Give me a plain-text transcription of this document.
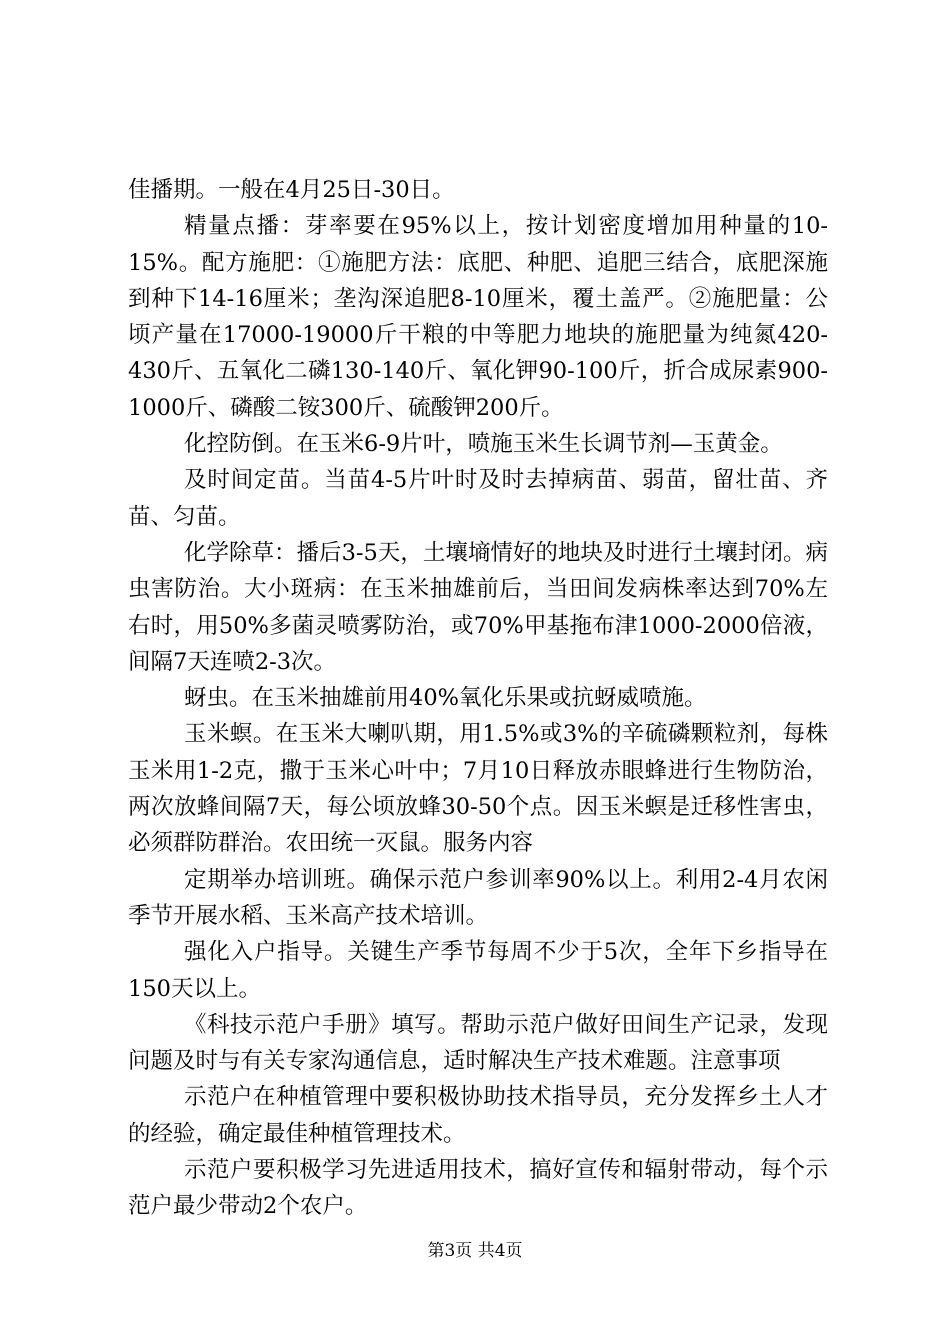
佳播期。一般在4月25日-30日。

精量点播：芽率要在95%以上，按计划密度增加用种量的10-15%。配方施肥：①施肥方法：底肥、种肥、追肥三结合，底肥深施到种下14-16厘米；垄沟深追肥8-10厘米，覆土盖严。②施肥量：公顷产量在17000-19000斤干粮的中等肥力地块的施肥量为纯氮420-430斤、五氧化二磷130-140斤、氧化钾90-100斤，折合成尿素900-1000斤、磷酸二铵300斤、硫酸钾200斤。

化控防倒。在玉米6-9片叶，喷施玉米生长调节剂—玉黄金。

及时间定苗。当苗4-5片叶时及时去掉病苗、弱苗，留壮苗、齐苗、匀苗。

化学除草：播后3-5天，土壤墒情好的地块及时进行土壤封闭。病虫害防治。大小斑病：在玉米抽雄前后，当田间发病株率达到70%左右时，用50%多菌灵喷雾防治，或70%甲基拖布津1000-2000倍液，间隔7天连喷2-3次。

蚜虫。在玉米抽雄前用40%氧化乐果或抗蚜威喷施。

玉米螟。在玉米大喇叭期，用1.5%或3%的辛硫磷颗粒剂，每株玉米用1-2克，撒于玉米心叶中；7月10日释放赤眼蜂进行生物防治，两次放蜂间隔7天，每公顷放蜂30-50个点。因玉米螟是迁移性害虫，必须群防群治。农田统一灭鼠。服务内容

定期举办培训班。确保示范户参训率90%以上。利用2-4月农闲季节开展水稻、玉米高产技术培训。

强化入户指导。关键生产季节每周不少于5次，全年下乡指导在150天以上。

《科技示范户手册》填写。帮助示范户做好田间生产记录，发现问题及时与有关专家沟通信息，适时解决生产技术难题。注意事项

示范户在种植管理中要积极协助技术指导员，充分发挥乡土人才的经验，确定最佳种植管理技术。

示范户要积极学习先进适用技术，搞好宣传和辐射带动，每个示范户最少带动2个农户。

第3页 共4页
